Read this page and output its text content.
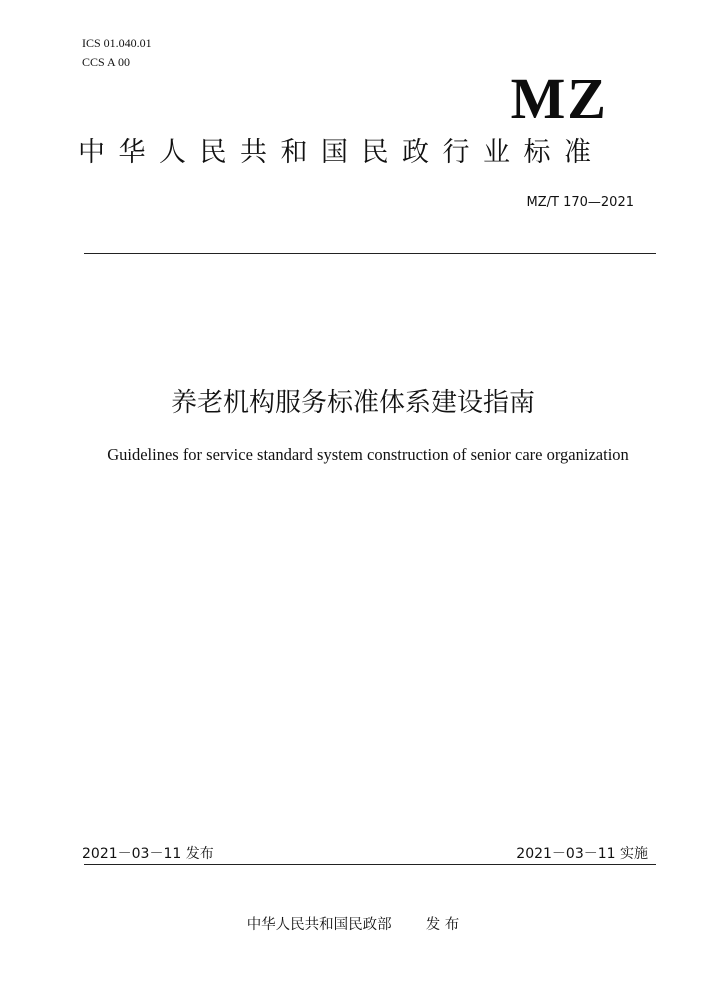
ICS 01.040.01
CCS A 00
MZ
中华人民共和国民政行业标准
MZ/T 170—2021
养老机构服务标准体系建设指南
Guidelines for service standard system construction of senior care organization
2021－03－11 发布	2021－03－11 实施
中华人民共和国民政部 发 布
